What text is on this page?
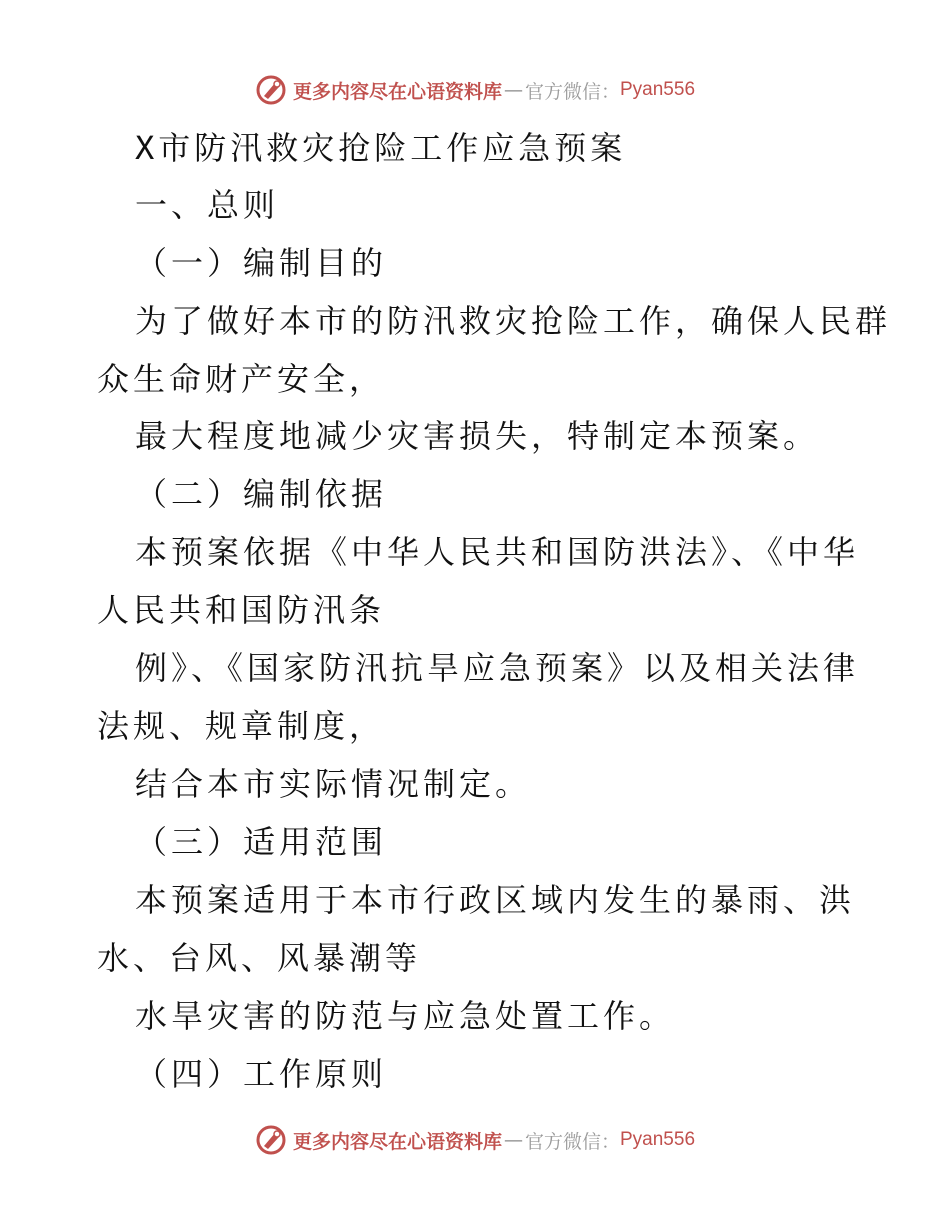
更多内容尽在心语资料库 — 官方微信： Pyan556
X市防汛救灾抢险工作应急预案
一、总则
（一）编制目的
为了做好本市的防汛救灾抢险工作，确保人民群
众生命财产安全，
最大程度地减少灾害损失，特制定本预案。
（二）编制依据
本预案依据《中华人民共和国防洪法》、《中华
人民共和国防汛条
例》、《国家防汛抗旱应急预案》以及相关法律
法规、规章制度，
结合本市实际情况制定。
（三）适用范围
本预案适用于本市行政区域内发生的暴雨、洪
水、台风、风暴潮等
水旱灾害的防范与应急处置工作。
（四）工作原则
更多内容尽在心语资料库 — 官方微信： Pyan556
